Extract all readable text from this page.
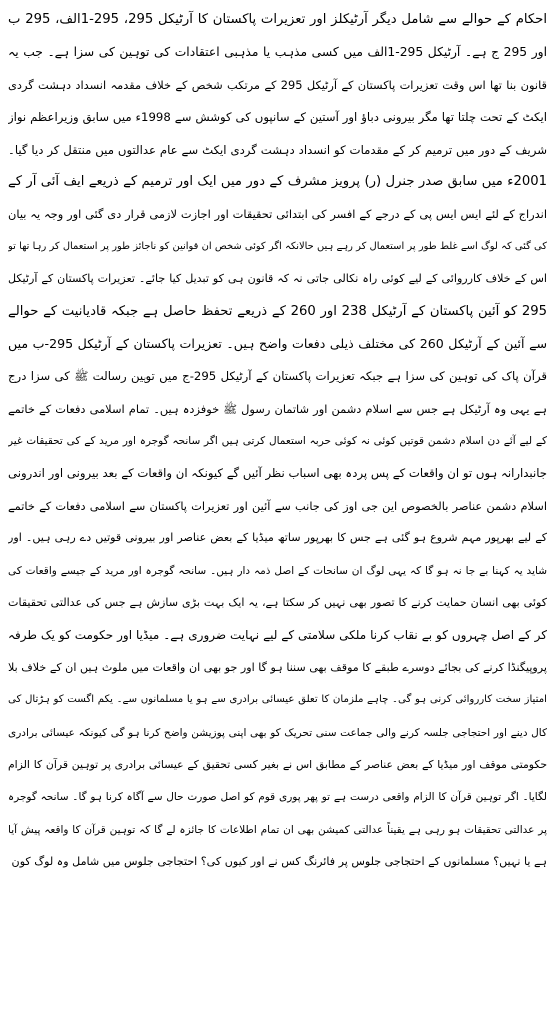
احکام کے حوالے سے شامل دیگر آرٹیکلز اور تعزیرات پاکستان کا آرٹیکل 295، 295-1الف، 295 ب
اور 295 ج ہے۔ آرٹیکل 295-1الف میں کسی مذہب یا مذہبی اعتقادات کی توہین کی سزا ہے۔ جب یہ
قانون بنا تھا اس وقت تعزیرات پاکستان کے آرٹیکل 295 کے مرتکب شخص کے خلاف مقدمہ انسداد دہشت گردی
ایکٹ کے تحت چلتا تھا مگر بیرونی دباؤ اور آستین کے سانپوں کی کوشش سے 1998ء میں سابق وزیراعظم نواز
شریف کے دور میں ترمیم کر کے مقدمات کو انسداد دہشت گردی ایکٹ سے عام عدالتوں میں منتقل کر دیا گیا۔
2001ء میں سابق صدر جنرل (ر) پرویز مشرف کے دور میں ایک اور ترمیم کے ذریعے ایف آئی آر کے
اندراج کے لئے ایس ایس پی کے درجے کے افسر کی ابتدائی تحقیقات اور اجازت لازمی قرار دی گئی اور وجہ یہ بیان
کی گئی کہ لوگ اسے غلط طور پر استعمال کر رہے ہیں حالانکہ اگر کوئی شخص ان قوانین کو ناجائز طور پر استعمال کر رہا تھا تو
اس کے خلاف کارروائی کے لیے کوئی راہ نکالی جاتی نہ کہ قانون ہی کو تبدیل کیا جائے۔ تعزیرات پاکستان کے آرٹیکل
295 کو آئین پاکستان کے آرٹیکل 238 اور 260 کے ذریعے تحفظ حاصل ہے جبکہ قادیانیت کے حوالے
سے آئین کے آرٹیکل 260 کی مختلف ذیلی دفعات واضح ہیں۔ تعزیرات پاکستان کے آرٹیکل 295-ب میں
قرآن پاک کی توہین کی سزا ہے جبکہ تعزیرات پاکستان کے آرٹیکل 295-ج میں توہین رسالت ﷺ کی سزا درج
ہے یہی وہ آرٹیکل ہے جس سے اسلام دشمن اور شاتمان رسول ﷺ خوفزدہ ہیں۔ تمام اسلامی دفعات کے خاتمے
کے لیے آئے دن اسلام دشمن قوتیں کوئی نہ کوئی حربہ استعمال کرتی ہیں اگر سانحہ گوجرہ اور مرید کے کی تحقیقات غیر
جانبدارانہ ہوں تو ان واقعات کے پس پردہ بھی اسباب نظر آئیں گے کیونکہ ان واقعات کے بعد بیرونی اور اندرونی
اسلام دشمن عناصر بالخصوص این جی اوز کی جانب سے آئین اور تعزیرات پاکستان سے اسلامی دفعات کے خاتمے
کے لیے بھرپور مہم شروع ہو گئی ہے جس کا بھرپور ساتھ میڈیا کے بعض عناصر اور بیرونی قوتیں دے رہی ہیں۔ اور
شاید یہ کہنا بے جا نہ ہو گا کہ یہی لوگ ان سانحات کے اصل ذمہ دار ہیں۔ سانحہ گوجرہ اور مرید کے جیسے واقعات کی
کوئی بھی انسان حمایت کرنے کا تصور بھی نہیں کر سکتا ہے، یہ ایک بہت بڑی سازش ہے جس کی عدالتی تحقیقات
کر کے اصل چہروں کو بے نقاب کرنا ملکی سلامتی کے لیے نہایت ضروری ہے۔ میڈیا اور حکومت کو یک طرفہ
پروپیگنڈا کرنے کی بجائے دوسرے طبقے کا موقف بھی سننا ہو گا اور جو بھی ان واقعات میں ملوث ہیں ان کے خلاف بلا
امتیاز سخت کارروائی کرنی ہو گی۔ چاہے ملزمان کا تعلق عیسائی برادری سے ہو یا مسلمانوں سے۔ یکم اگست کو ہڑتال کی
کال دینے اور احتجاجی جلسہ کرنے والی جماعت سنی تحریک کو بھی اپنی پوزیشن واضح کرنا ہو گی کیونکہ عیسائی برادری
حکومتی موقف اور میڈیا کے بعض عناصر کے مطابق اس نے بغیر کسی تحقیق کے عیسائی برادری پر توہین قرآن کا الزام
لگایا۔ اگر توہین قرآن کا الزام واقعی درست ہے تو پھر پوری قوم کو اصل صورت حال سے آگاہ کرنا ہو گا۔ سانحہ گوجرہ
پر عدالتی تحقیقات ہو رہی ہے یقیناً عدالتی کمیشن بھی ان تمام اطلاعات کا جائزہ لے گا کہ توہین قرآن کا واقعہ پیش آیا
ہے یا نہیں؟ مسلمانوں کے احتجاجی جلوس پر فائرنگ کس نے اور کیوں کی؟ احتجاجی جلوس میں شامل وہ لوگ کون
